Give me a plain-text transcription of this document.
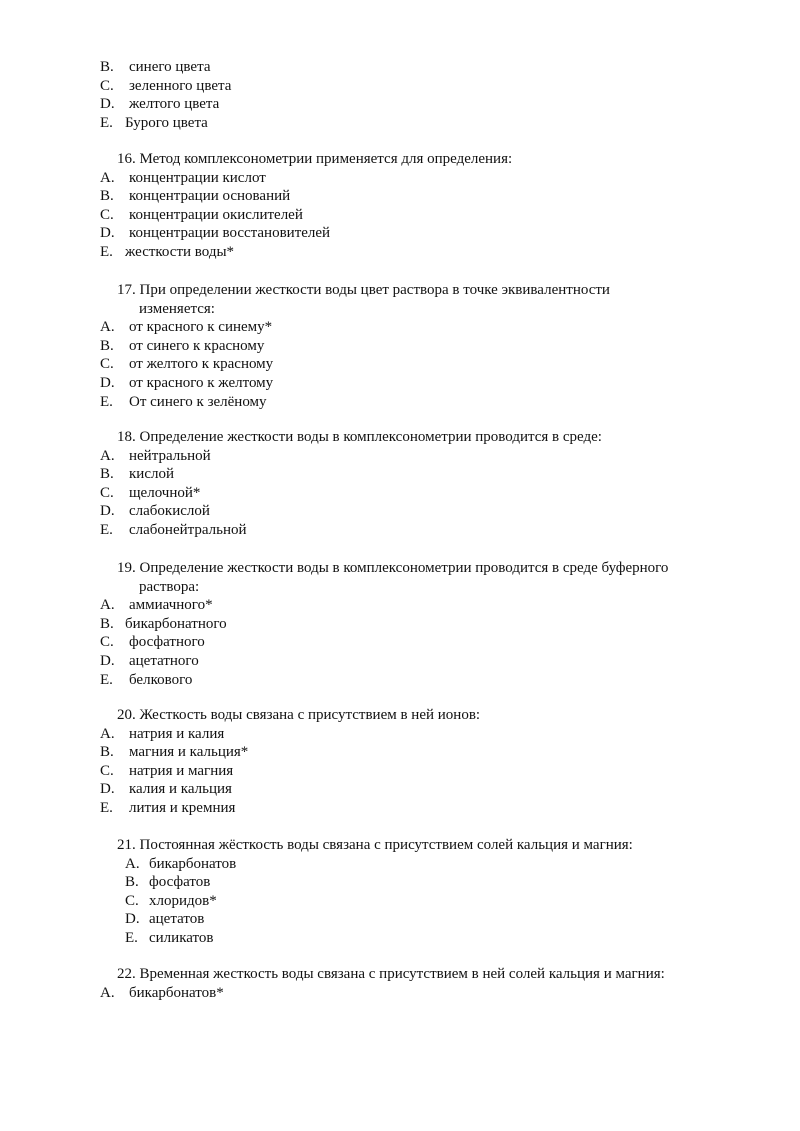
B. синего цвета
C. зеленного цвета
D. желтого цвета
E. Бурого цвета
16. Метод комплексонометрии применяется для определения:
A. концентрации кислот
B. концентрации оснований
C. концентрации окислителей
D. концентрации восстановителей
E. жесткости воды*
17. При определении жесткости воды цвет раствора в точке эквивалентности
изменяется:
A. от красного к синему*
B. от синего к красному
C. от желтого к красному
D. от красного к желтому
E. От синего к зелёному
18. Определение жесткости воды в комплексонометрии проводится в среде:
A. нейтральной
B. кислой
C. щелочной*
D. слабокислой
E. слабонейтральной
19. Определение жесткости воды в комплексонометрии проводится в среде буферного
раствора:
A. аммиачного*
B. бикарбонатного
C. фосфатного
D. ацетатного
E. белкового
20. Жесткость воды связана с присутствием в ней ионов:
A. натрия и калия
B. магния и кальция*
C. натрия и магния
D. калия и кальция
E. лития и кремния
21. Постоянная жёсткость воды связана с присутствием солей кальция и магния:
A. бикарбонатов
B. фосфатов
C. хлоридов*
D. ацетатов
E. силикатов
22. Временная жесткость воды связана с присутствием в ней солей кальция и магния:
A. бикарбонатов*
